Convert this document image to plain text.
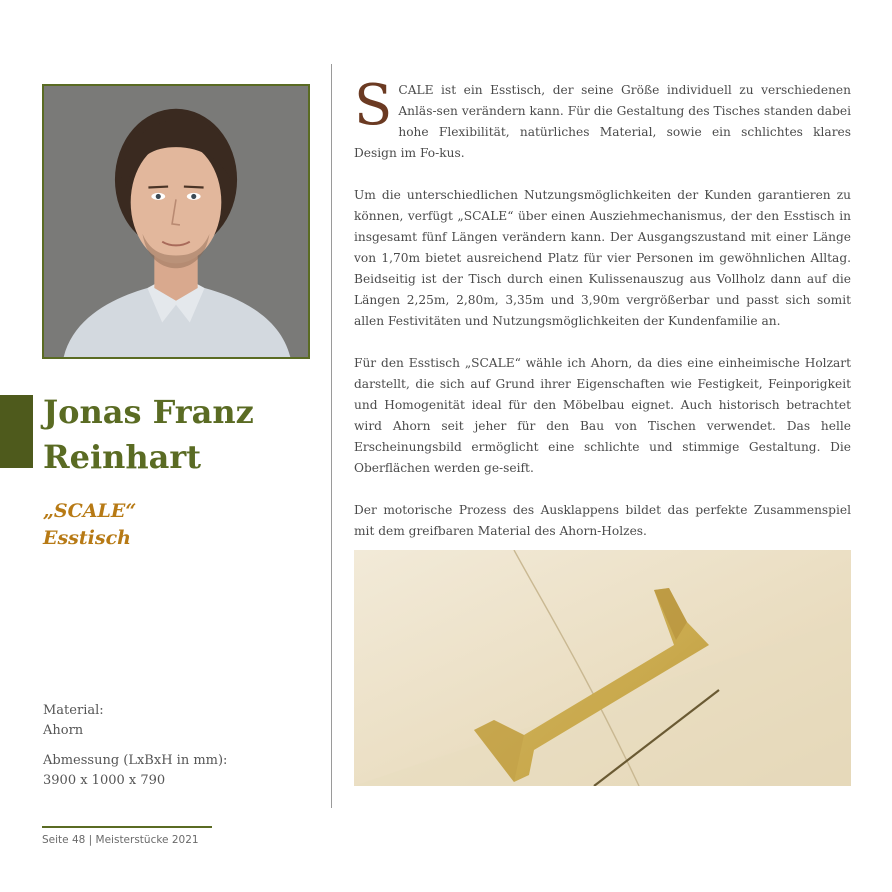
Jonas Franz
Reinhart
„SCALE“
Esstisch
Material:
Ahorn
Abmessung (LxBxH in mm):
3900 x 1000 x 790
Seite 48 | Meisterstücke 2021

SCALE ist ein Esstisch, der seine Größe individuell zu verschiedenen Anläs-sen verändern kann. Für die Gestaltung des Tisches standen dabei hohe Flexibilität, natürliches Material, sowie ein schlichtes klares Design im Fo-kus.

Um die unterschiedlichen Nutzungsmöglichkeiten der Kunden garantieren zu können, verfügt „SCALE“ über einen Ausziehmechanismus, der den Esstisch in insgesamt fünf Längen verändern kann. Der Ausgangszustand mit einer Länge von 1,70m bietet ausreichend Platz für vier Personen im gewöhnlichen Alltag. Beidseitig ist der Tisch durch einen Kulissenauszug aus Vollholz dann auf die Längen 2,25m, 2,80m, 3,35m und 3,90m vergrößerbar und passt sich somit allen Festivitäten und Nutzungsmöglichkeiten der Kundenfamilie an.

Für den Esstisch „SCALE“ wähle ich Ahorn, da dies eine einheimische Holzart darstellt, die sich auf Grund ihrer Eigenschaften wie Festigkeit, Feinporigkeit und Homogenität ideal für den Möbelbau eignet. Auch historisch betrachtet wird Ahorn seit jeher für den Bau von Tischen verwendet. Das helle Erscheinungsbild ermöglicht eine schlichte und stimmige Gestaltung. Die Oberflächen werden ge-seift.

Der motorische Prozess des Ausklappens bildet das perfekte Zusammenspiel mit dem greifbaren Material des Ahorn-Holzes.
